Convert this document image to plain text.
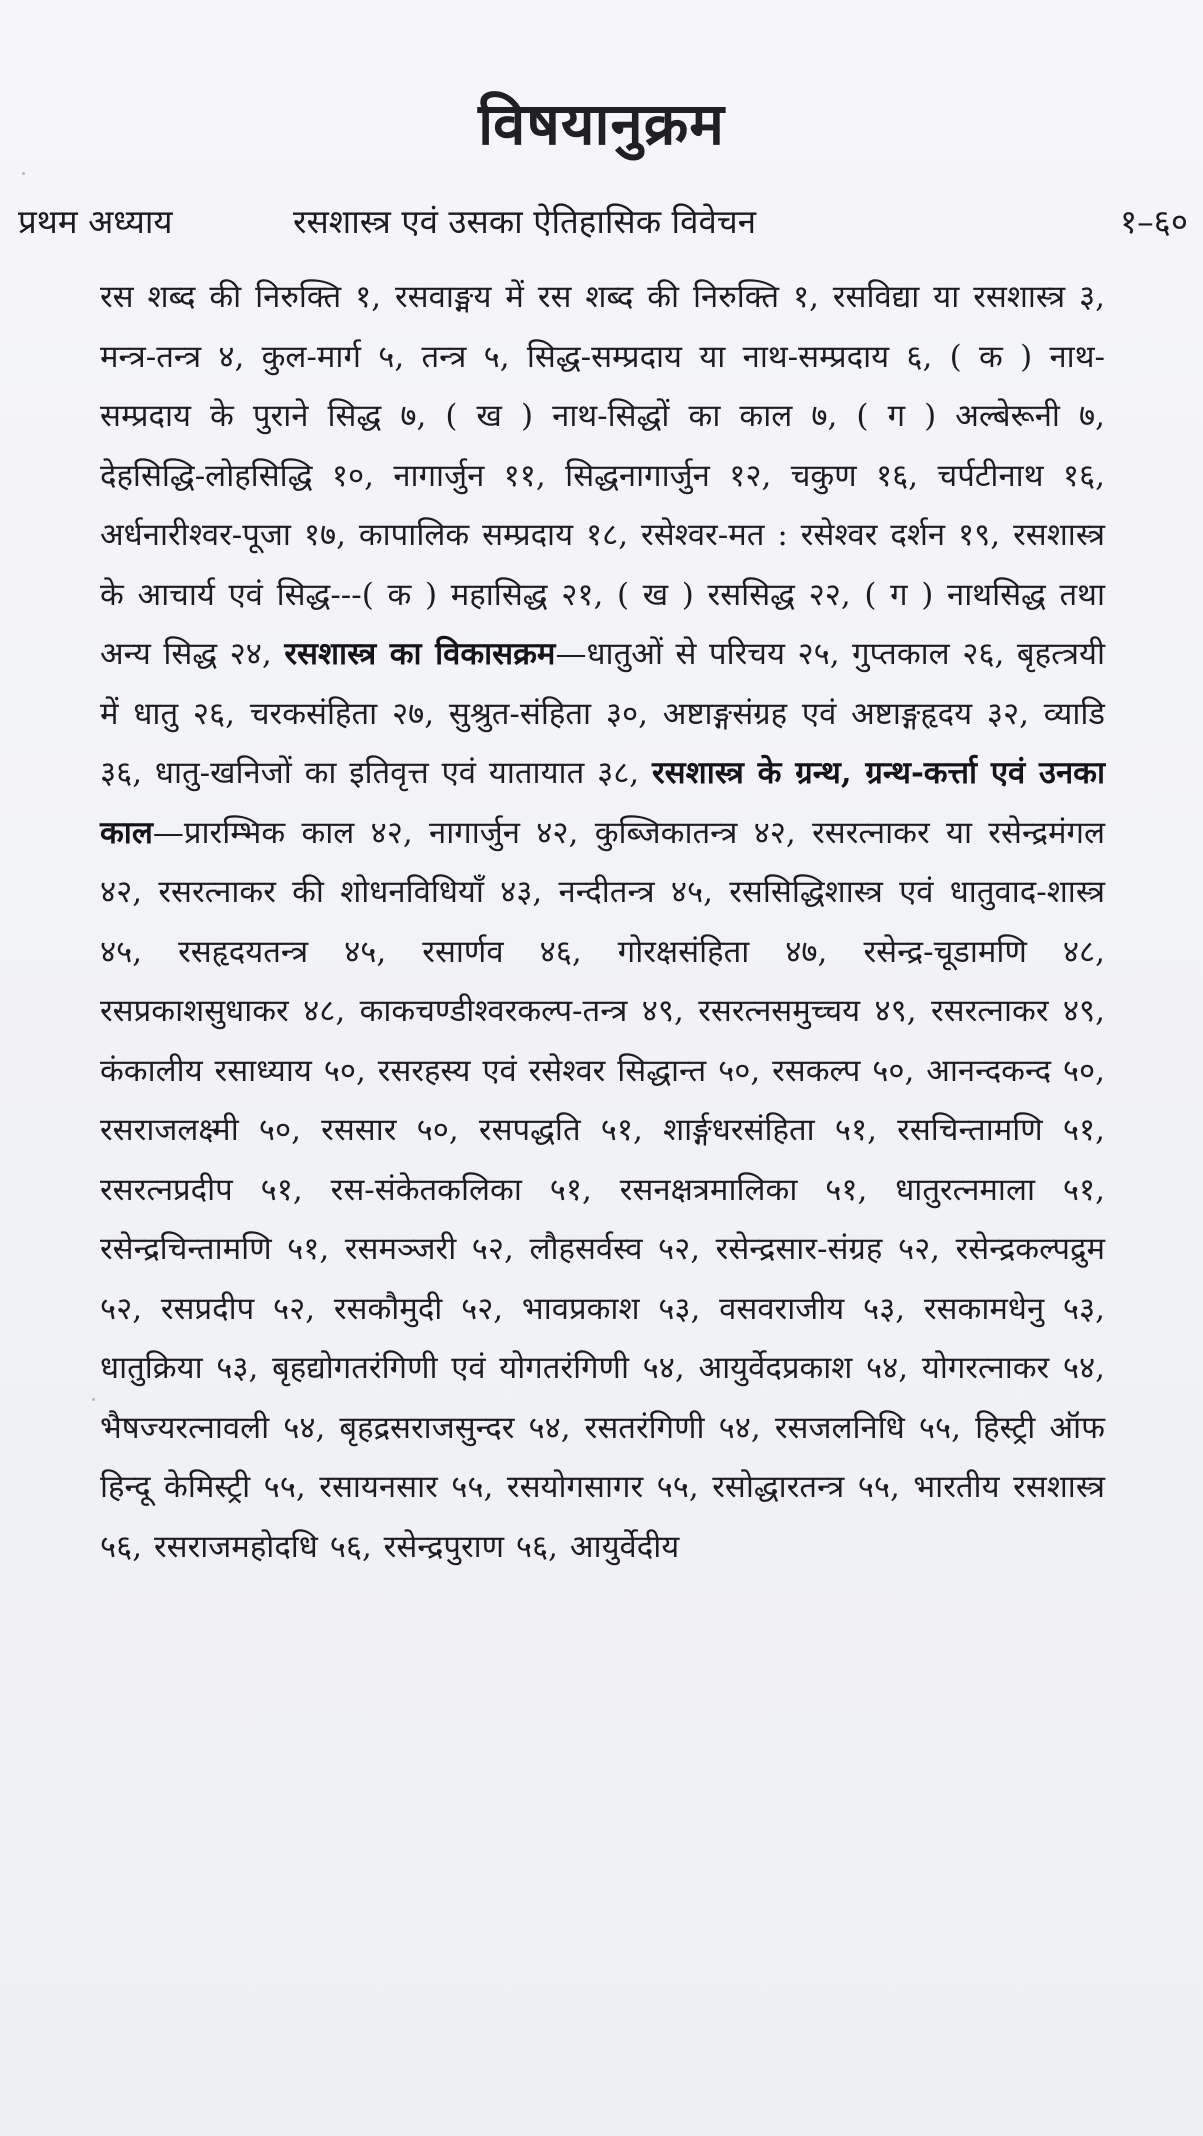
विषयानुक्रम
प्रथम अध्याय	रसशास्त्र एवं उसका ऐतिहासिक विवेचन	१–६०
रस शब्द की निरुक्ति १, रसवाङ्मय में रस शब्द की निरुक्ति १, रसविद्या या रसशास्त्र ३, मन्त्र-तन्त्र ४, कुल-मार्ग ५, तन्त्र ५, सिद्ध-सम्प्रदाय या नाथ-सम्प्रदाय ६, ( क ) नाथ-सम्प्रदाय के पुराने सिद्ध ७, ( ख ) नाथ-सिद्धों का काल ७, ( ग ) अल्बेरूनी ७, देहसिद्धि-लोहसिद्धि १०, नागार्जुन ११, सिद्धनागार्जुन १२, चकुण १६, चर्पटीनाथ १६, अर्धनारीश्वर-पूजा १७, कापालिक सम्प्रदाय १८, रसेश्वर-मत : रसेश्वर दर्शन १९, रसशास्त्र के आचार्य एवं सिद्ध---( क ) महासिद्ध २१, ( ख ) रससिद्ध २२, ( ग ) नाथसिद्ध तथा अन्य सिद्ध २४, रसशास्त्र का विकासक्रम—धातुओं से परिचय २५, गुप्तकाल २६, बृहत्त्रयी में धातु २६, चरकसंहिता २७, सुश्रुत-संहिता ३०, अष्टाङ्गसंग्रह एवं अष्टाङ्गहृदय ३२, व्याडि ३६, धातु-खनिजों का इतिवृत्त एवं यातायात ३८, रसशास्त्र के ग्रन्थ, ग्रन्थ-कर्त्ता एवं उनका काल—प्रारम्भिक काल ४२, नागार्जुन ४२, कुब्जिकातन्त्र ४२, रसरत्नाकर या रसेन्द्रमंगल ४२, रसरत्नाकर की शोधनविधियाँ ४३, नन्दीतन्त्र ४५, रससिद्धिशास्त्र एवं धातुवाद-शास्त्र ४५, रसहृदयतन्त्र ४५, रसार्णव ४६, गोरक्षसंहिता ४७, रसेन्द्र-चूडामणि ४८, रसप्रकाशसुधाकर ४८, काकचण्डीश्वरकल्प-तन्त्र ४९, रसरत्नसमुच्चय ४९, रसरत्नाकर ४९, कंकालीय रसाध्याय ५०, रसरहस्य एवं रसेश्वर सिद्धान्त ५०, रसकल्प ५०, आनन्दकन्द ५०, रसराजलक्ष्मी ५०, रससार ५०, रसपद्धति ५१, शार्ङ्गधरसंहिता ५१, रसचिन्तामणि ५१, रसरत्नप्रदीप ५१, रस-संकेतकलिका ५१, रसनक्षत्रमालिका ५१, धातुरत्नमाला ५१, रसेन्द्रचिन्तामणि ५१, रसमञ्जरी ५२, लौहसर्वस्व ५२, रसेन्द्रसार-संग्रह ५२, रसेन्द्रकल्पद्रुम ५२, रसप्रदीप ५२, रसकौमुदी ५२, भावप्रकाश ५३, वसवराजीय ५३, रसकामधेनु ५३, धातुक्रिया ५३, बृहद्योगतरंगिणी एवं योगतरंगिणी ५४, आयुर्वेदप्रकाश ५४, योगरत्नाकर ५४, भैषज्यरत्नावली ५४, बृहद्रसराजसुन्दर ५४, रसतरंगिणी ५४, रसजलनिधि ५५, हिस्ट्री ऑफ हिन्दू केमिस्ट्री ५५, रसायनसार ५५, रसयोगसागर ५५, रसोद्धारतन्त्र ५५, भारतीय रसशास्त्र ५६, रसराजमहोदधि ५६, रसेन्द्रपुराण ५६, आयुर्वेदीय
